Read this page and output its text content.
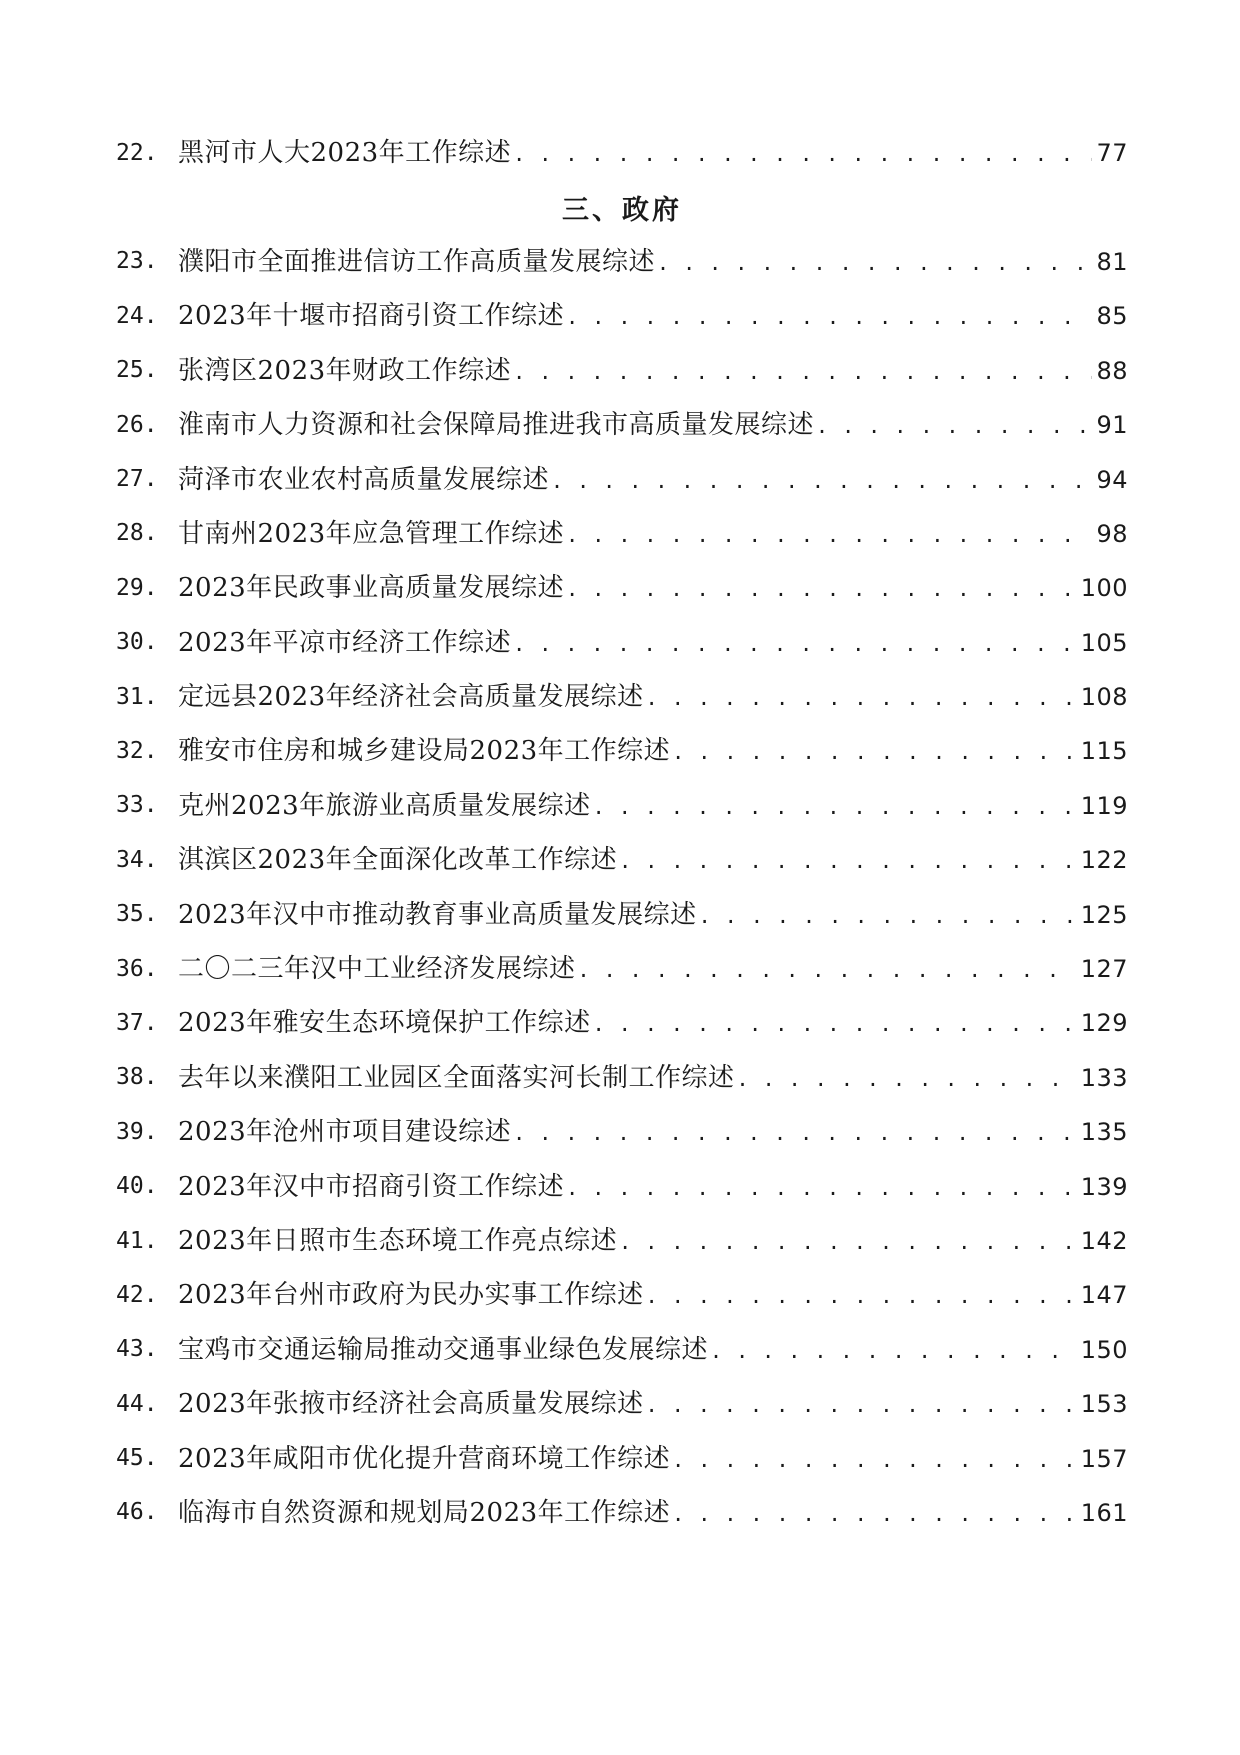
22. 黑河市人大2023年工作综述 . . .	77
三、政府
23. 濮阳市全面推进信访工作高质量发展综述 . . .	81
24. 2023年十堰市招商引资工作综述 . . .	85
25. 张湾区2023年财政工作综述 . . .	88
26. 淮南市人力资源和社会保障局推进我市高质量发展综述 . . .	91
27. 菏泽市农业农村高质量发展综述 . . .	94
28. 甘南州2023年应急管理工作综述 . . .	98
29. 2023年民政事业高质量发展综述 . . .	100
30. 2023年平凉市经济工作综述 . . .	105
31. 定远县2023年经济社会高质量发展综述 . . .	108
32. 雅安市住房和城乡建设局2023年工作综述 . . .	115
33. 克州2023年旅游业高质量发展综述 . . .	119
34. 淇滨区2023年全面深化改革工作综述 . . .	122
35. 2023年汉中市推动教育事业高质量发展综述 . . .	125
36. 二〇二三年汉中工业经济发展综述 . . .	127
37. 2023年雅安生态环境保护工作综述 . . .	129
38. 去年以来濮阳工业园区全面落实河长制工作综述 . . .	133
39. 2023年沧州市项目建设综述 . . .	135
40. 2023年汉中市招商引资工作综述 . . .	139
41. 2023年日照市生态环境工作亮点综述 . . .	142
42. 2023年台州市政府为民办实事工作综述 . . .	147
43. 宝鸡市交通运输局推动交通事业绿色发展综述 . . .	150
44. 2023年张掖市经济社会高质量发展综述 . . .	153
45. 2023年咸阳市优化提升营商环境工作综述 . . .	157
46. 临海市自然资源和规划局2023年工作综述 . . .	161
